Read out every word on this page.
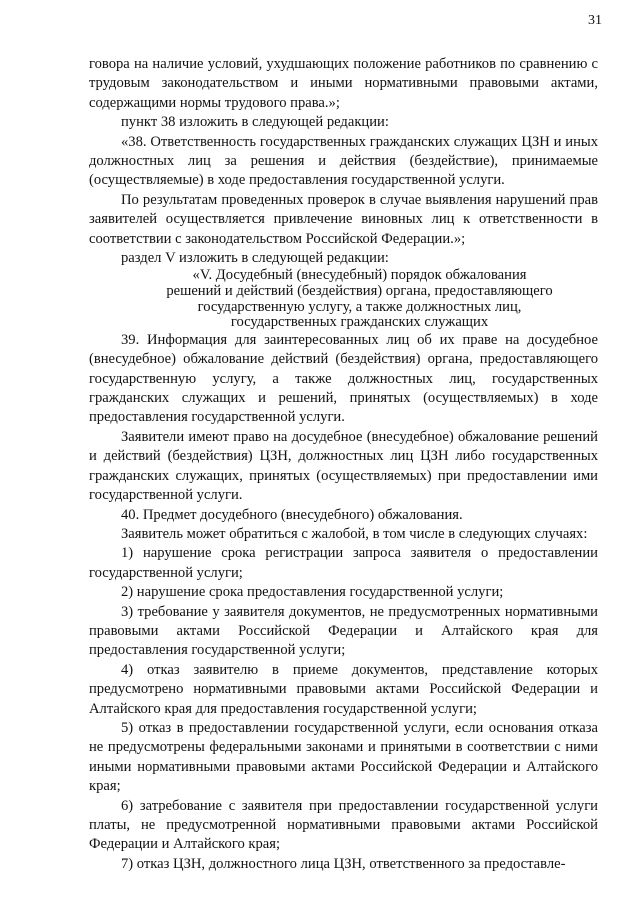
31

говора на наличие условий, ухудшающих положение работников по сравнению с трудовым законодательством и иными нормативными правовыми актами, содержащими нормы трудового права.»;

пункт 38 изложить в следующей редакции:

«38. Ответственность государственных гражданских служащих ЦЗН и иных должностных лиц за решения и действия (бездействие), принимаемые (осуществляемые) в ходе предоставления государственной услуги.

По результатам проведенных проверок в случае выявления нарушений прав заявителей осуществляется привлечение виновных лиц к ответственности в соответствии с законодательством Российской Федерации.»;

раздел V изложить в следующей редакции:

«V. Досудебный (внесудебный) порядок обжалования
решений и действий (бездействия) органа, предоставляющего
государственную услугу, а также должностных лиц,
государственных гражданских служащих

39. Информация для заинтересованных лиц об их праве на досудебное (внесудебное) обжалование действий (бездействия) органа, предоставляющего государственную услугу, а также должностных лиц, государственных гражданских служащих и решений, принятых (осуществляемых) в ходе предоставления государственной услуги.

Заявители имеют право на досудебное (внесудебное) обжалование решений и действий (бездействия) ЦЗН, должностных лиц ЦЗН либо государственных гражданских служащих, принятых (осуществляемых) при предоставлении ими государственной услуги.

40. Предмет досудебного (внесудебного) обжалования.

Заявитель может обратиться с жалобой, в том числе в следующих случаях:

1) нарушение срока регистрации запроса заявителя о предоставлении государственной услуги;

2) нарушение срока предоставления государственной услуги;

3) требование у заявителя документов, не предусмотренных нормативными правовыми актами Российской Федерации и Алтайского края для предоставления государственной услуги;

4) отказ заявителю в приеме документов, представление которых предусмотрено нормативными правовыми актами Российской Федерации и Алтайского края для предоставления государственной услуги;

5) отказ в предоставлении государственной услуги, если основания отказа не предусмотрены федеральными законами и принятыми в соответствии с ними иными нормативными правовыми актами Российской Федерации и Алтайского края;

6) затребование с заявителя при предоставлении государственной услуги платы, не предусмотренной нормативными правовыми актами Российской Федерации и Алтайского края;

7) отказ ЦЗН, должностного лица ЦЗН, ответственного за предоставле-
